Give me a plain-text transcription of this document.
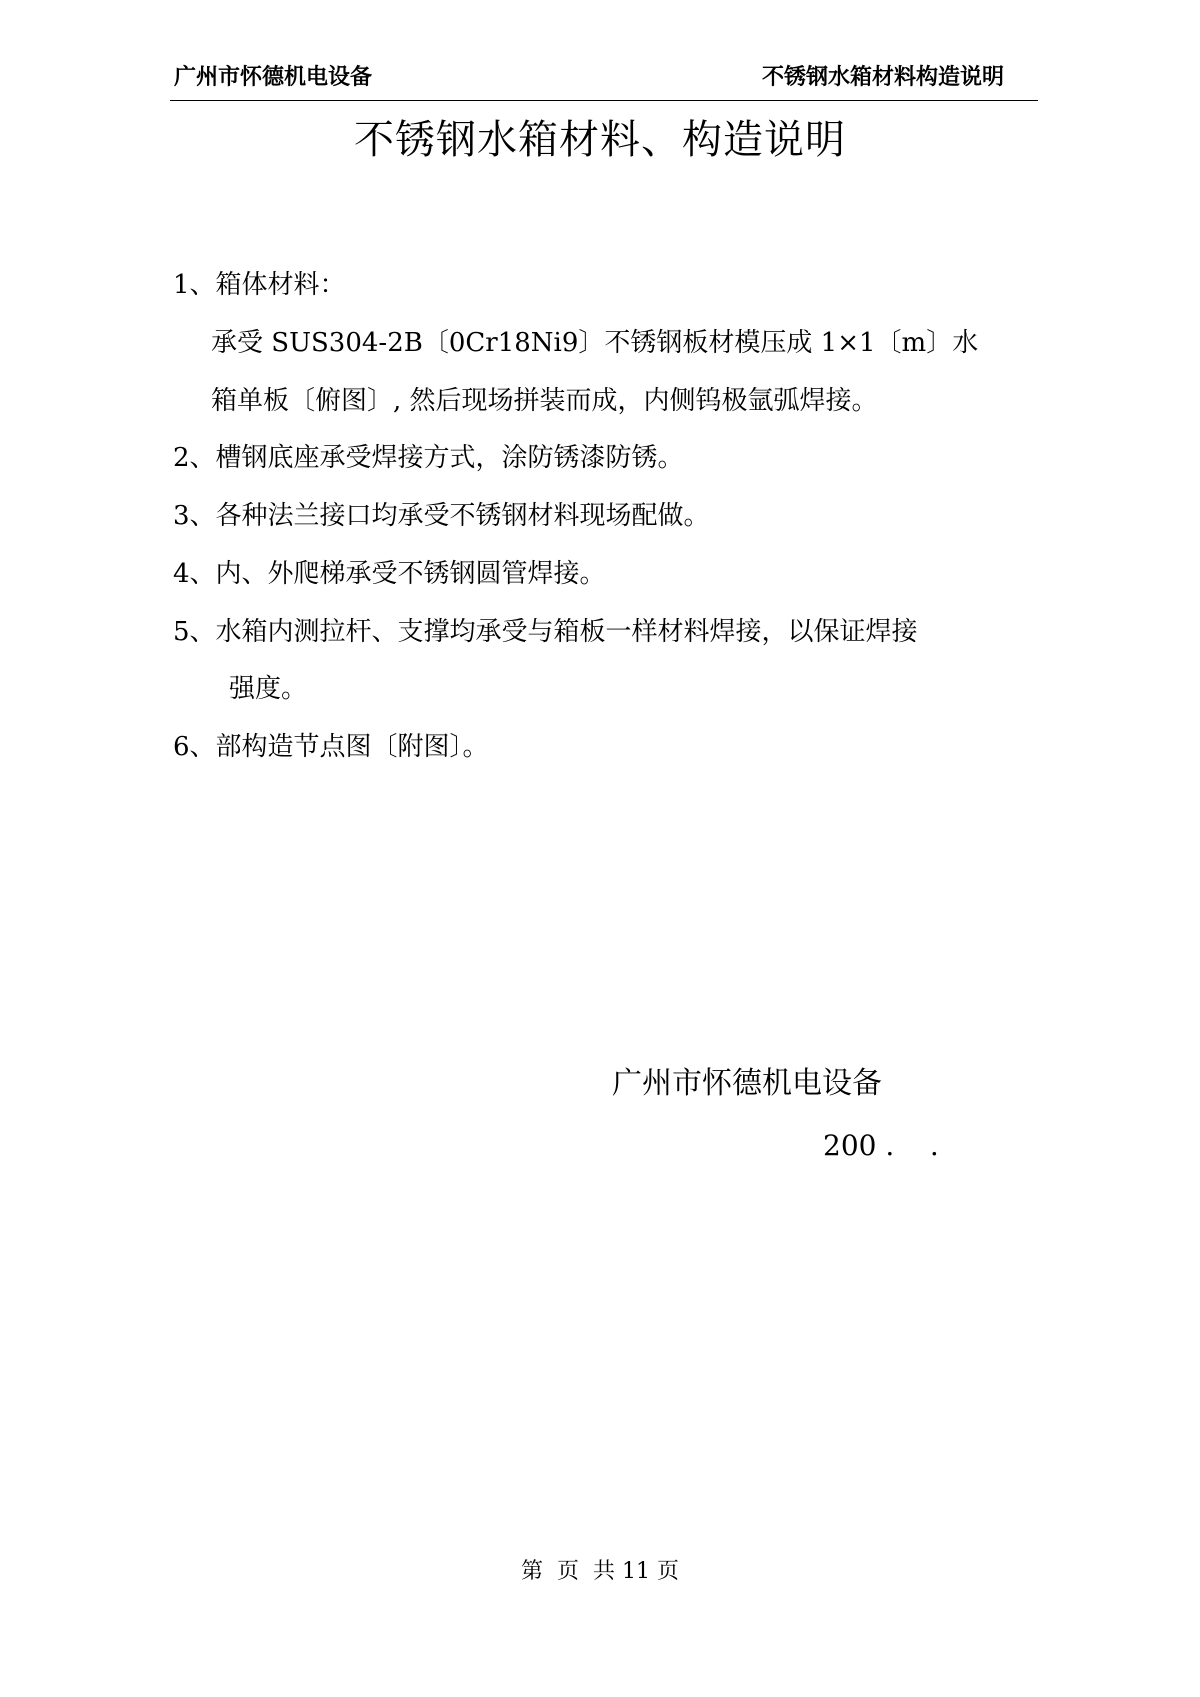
广州市怀德机电设备	不锈钢水箱材料构造说明
不锈钢水箱材料、构造说明
1、箱体材料：
承受 SUS304-2B〔0Cr18Ni9〕不锈钢板材模压成 1×1〔m〕水
箱单板〔俯图〕, 然后现场拼装而成，内侧钨极氩弧焊接。
2、槽钢底座承受焊接方式，涂防锈漆防锈。
3、各种法兰接口均承受不锈钢材料现场配做。
4、内、外爬梯承受不锈钢圆管焊接。
5、水箱内测拉杆、支撑均承受与箱板一样材料焊接，以保证焊接
强度。
6、部构造节点图〔附图〕。
广州市怀德机电设备
200 .    .
第  页  共 11 页
